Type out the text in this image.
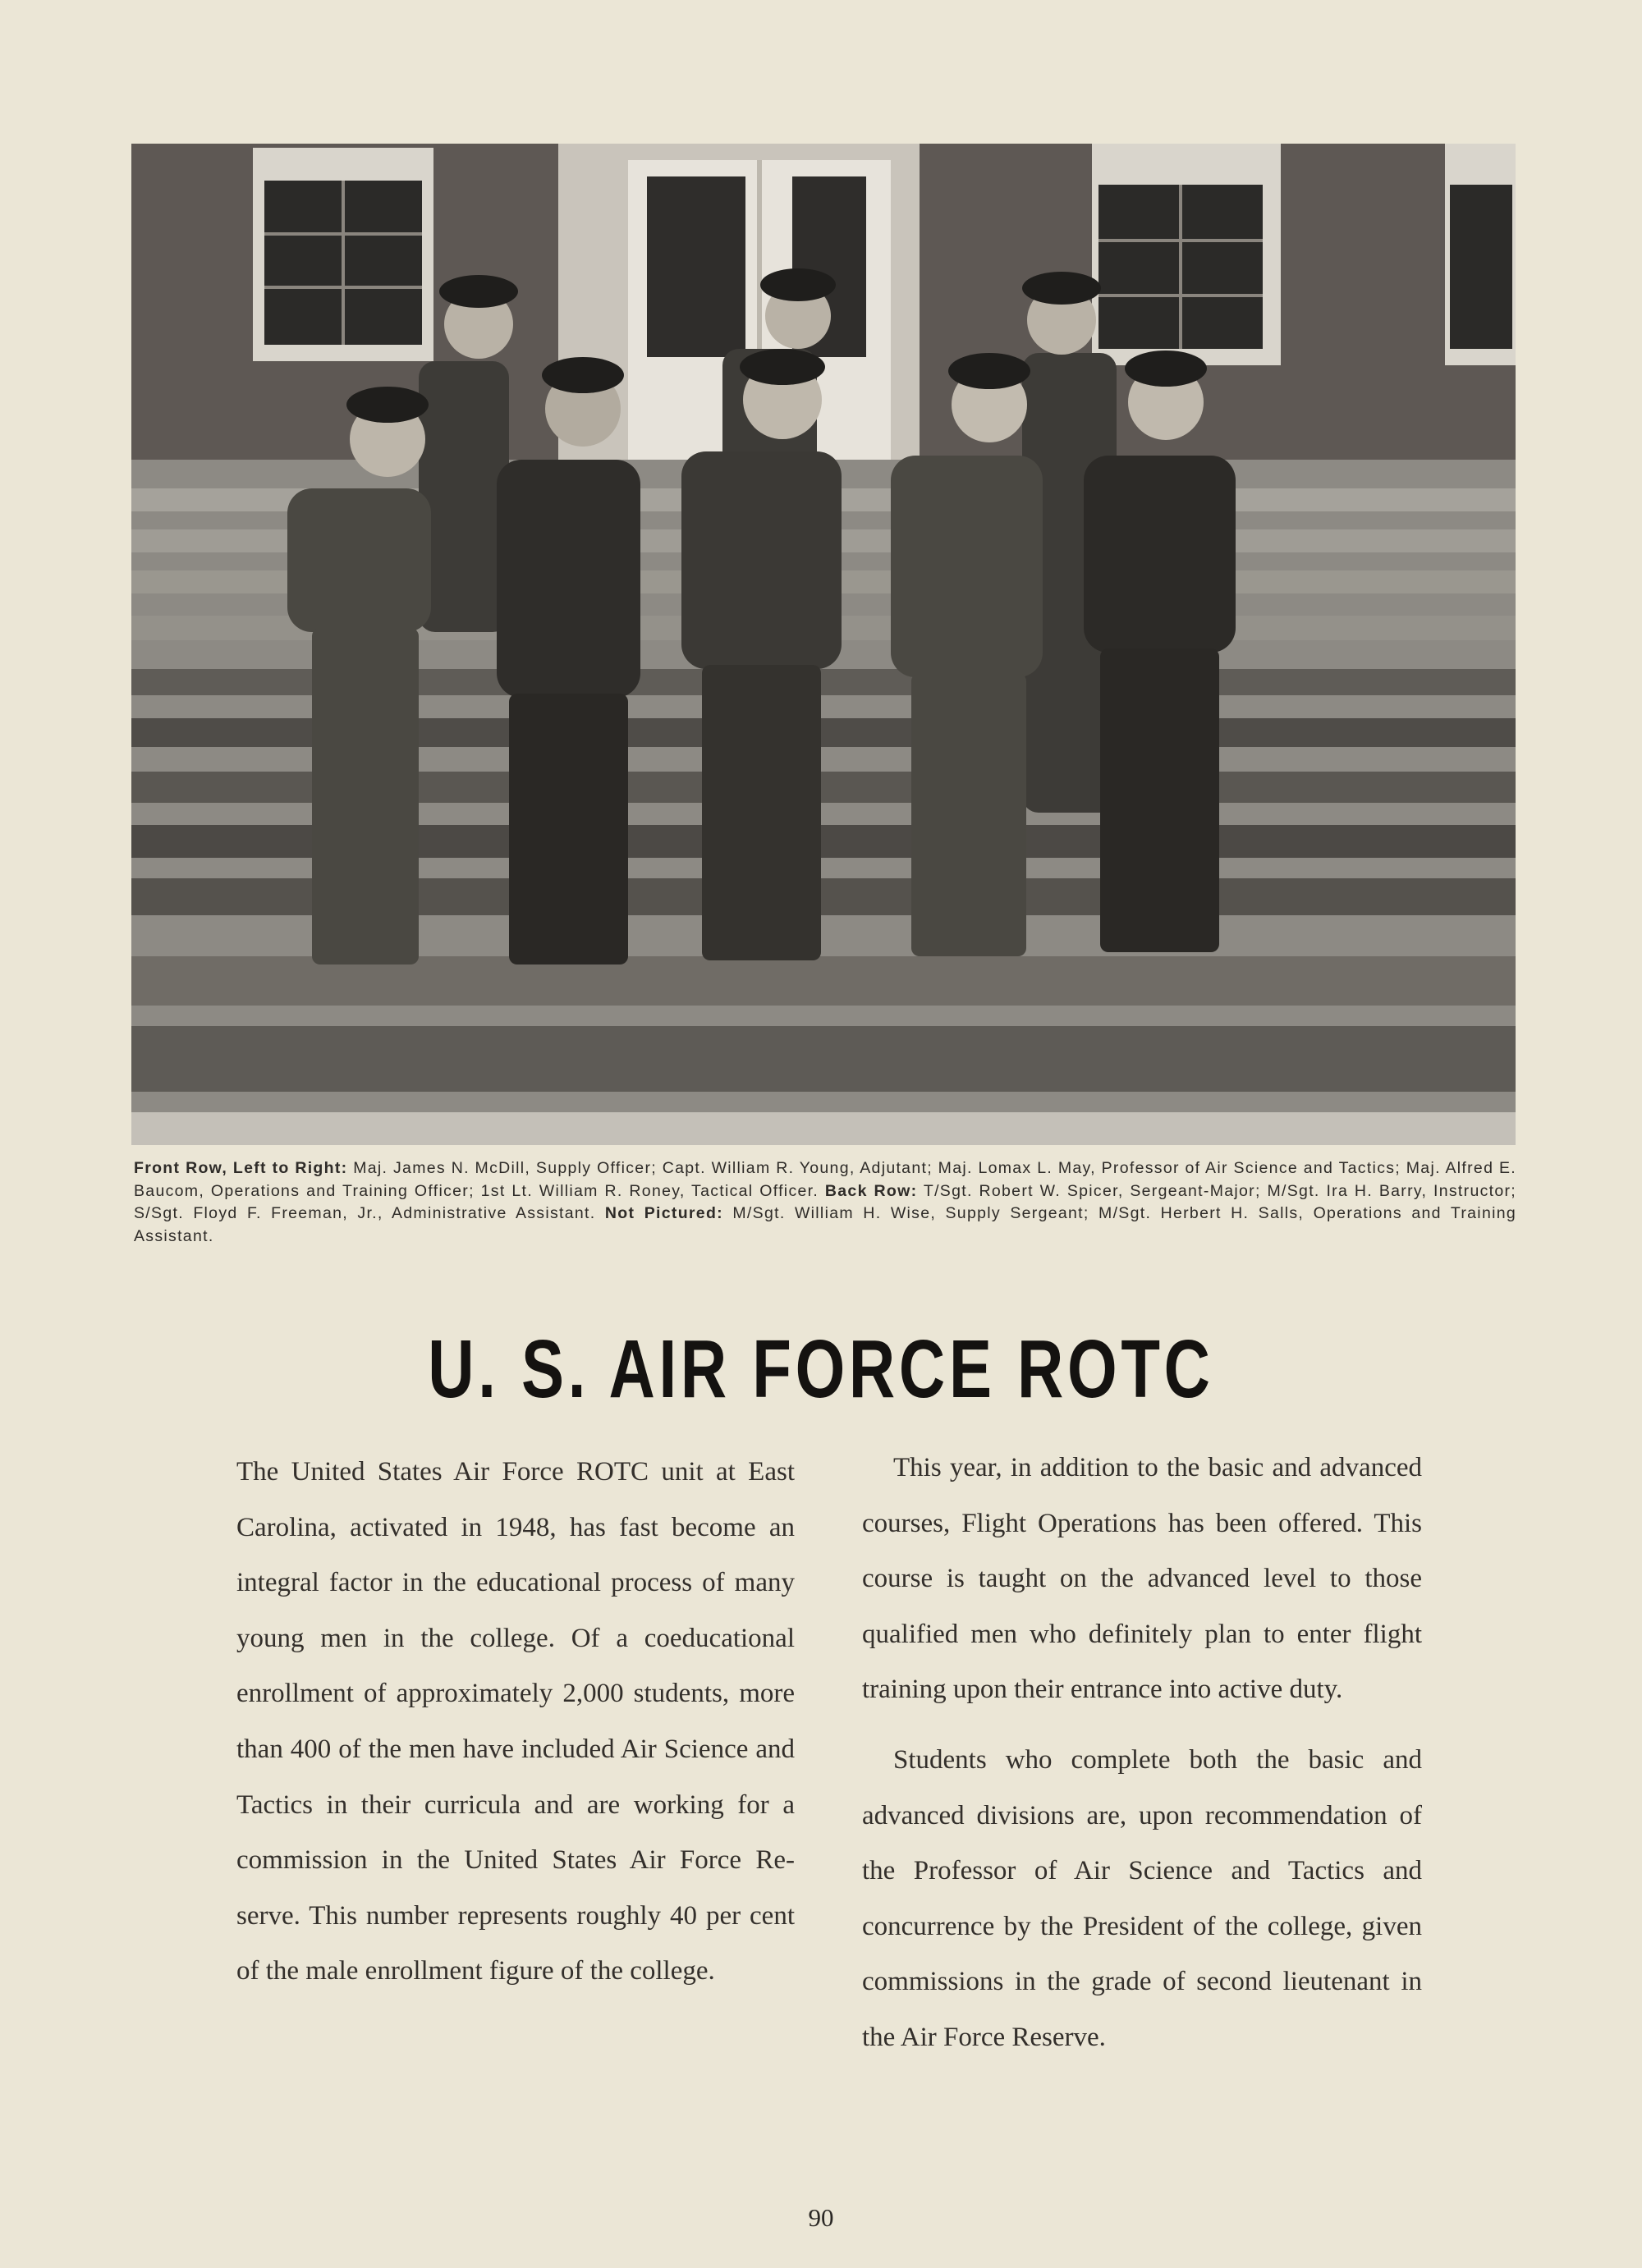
Front Row, Left to Right: Maj. James N. McDill, Supply Officer; Capt. William R. Young, Adjutant; Maj. Lomax L. May, Professor of Air Science and Tactics; Maj. Alfred E. Baucom, Operations and Training Officer; 1st Lt. William R. Roney, Tactical Officer. Back Row: T/Sgt. Robert W. Spicer, Sergeant-Major; M/Sgt. Ira H. Barry, Instructor; S/Sgt. Floyd F. Freeman, Jr., Administrative Assistant. Not Pictured: M/Sgt. William H. Wise, Supply Sergeant; M/Sgt. Herbert H. Salls, Operations and Training Assistant.
U. S. AIR FORCE ROTC

The United States Air Force ROTC unit at East Carolina, activated in 1948, has fast become an integral factor in the educational process of many young men in the college. Of a coeducational enrollment of approximately 2,000 students, more than 400 of the men have included Air Science and Tactics in their curricula and are working for a commission in the United States Air Force Reserve. This number represents roughly 40 per cent of the male enrollment figure of the college.

This year, in addition to the basic and advanced courses, Flight Operations has been offered. This course is taught on the advanced level to those qualified men who definitely plan to enter flight training upon their entrance into active duty.

Students who complete both the basic and advanced divisions are, upon recommendation of the Professor of Air Science and Tactics and concurrence by the President of the college, given commissions in the grade of second lieutenant in the Air Force Reserve.

90
